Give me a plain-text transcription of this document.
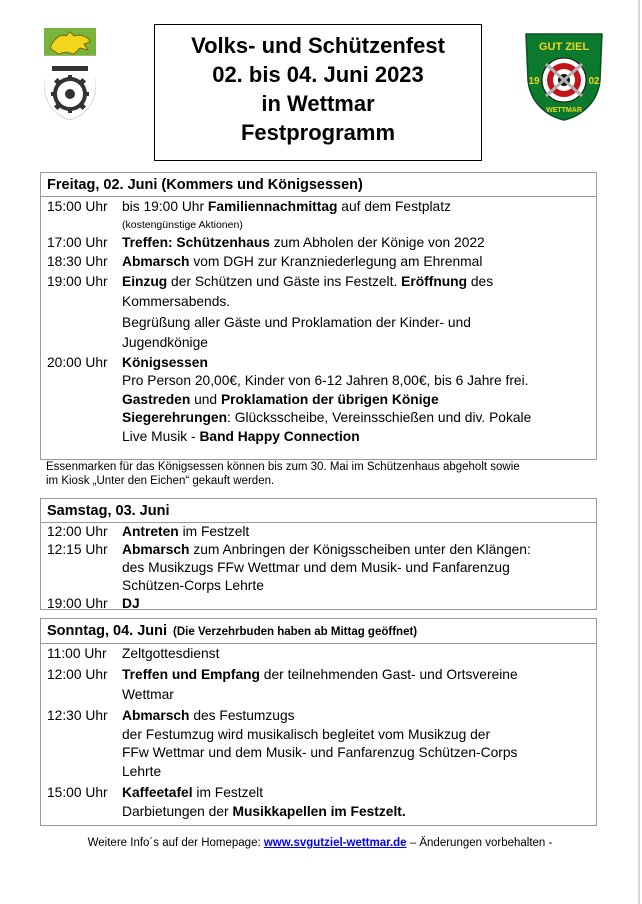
Volks- und Schützenfest
02. bis 04. Juni 2023
in Wettmar
Festprogramm
GUT ZIEL
19	02
WETTMAR
Freitag, 02. Juni (Kommers und Königsessen)
15:00 Uhr bis 19:00 Uhr Familiennachmittag auf dem Festplatz
(kostengünstige Aktionen)
17:00 Uhr Treffen: Schützenhaus zum Abholen der Könige von 2022
18:30 Uhr Abmarsch vom DGH zur Kranzniederlegung am Ehrenmal
19:00 Uhr Einzug der Schützen und Gäste ins Festzelt. Eröffnung des
Kommersabends.
Begrüßung aller Gäste und Proklamation der Kinder- und
Jugendkönige
20:00 Uhr Königsessen
Pro Person 20,00€, Kinder von 6-12 Jahren 8,00€, bis 6 Jahre frei.
Gastreden und Proklamation der übrigen Könige
Siegerehrungen: Glücksscheibe, Vereinsschießen und div. Pokale
Live Musik - Band Happy Connection
Essenmarken für das Königsessen können bis zum 30. Mai im Schützenhaus abgeholt sowie
im Kiosk „Unter den Eichen“ gekauft werden.
Samstag, 03. Juni
12:00 Uhr Antreten im Festzelt
12:15 Uhr Abmarsch zum Anbringen der Königsscheiben unter den Klängen:
des Musikzugs FFw Wettmar und dem Musik- und Fanfarenzug
Schützen-Corps Lehrte
19:00 Uhr DJ
Sonntag, 04. Juni (Die Verzehrbuden haben ab Mittag geöffnet)
11:00 Uhr Zeltgottesdienst
12:00 Uhr Treffen und Empfang der teilnehmenden Gast- und Ortsvereine
Wettmar
12:30 Uhr Abmarsch des Festumzugs
der Festumzug wird musikalisch begleitet vom Musikzug der
FFw Wettmar und dem Musik- und Fanfarenzug Schützen-Corps
Lehrte
15:00 Uhr Kaffeetafel im Festzelt
Darbietungen der Musikkapellen im Festzelt.
Weitere Info´s auf der Homepage: www.svgutziel-wettmar.de – Änderungen vorbehalten -
